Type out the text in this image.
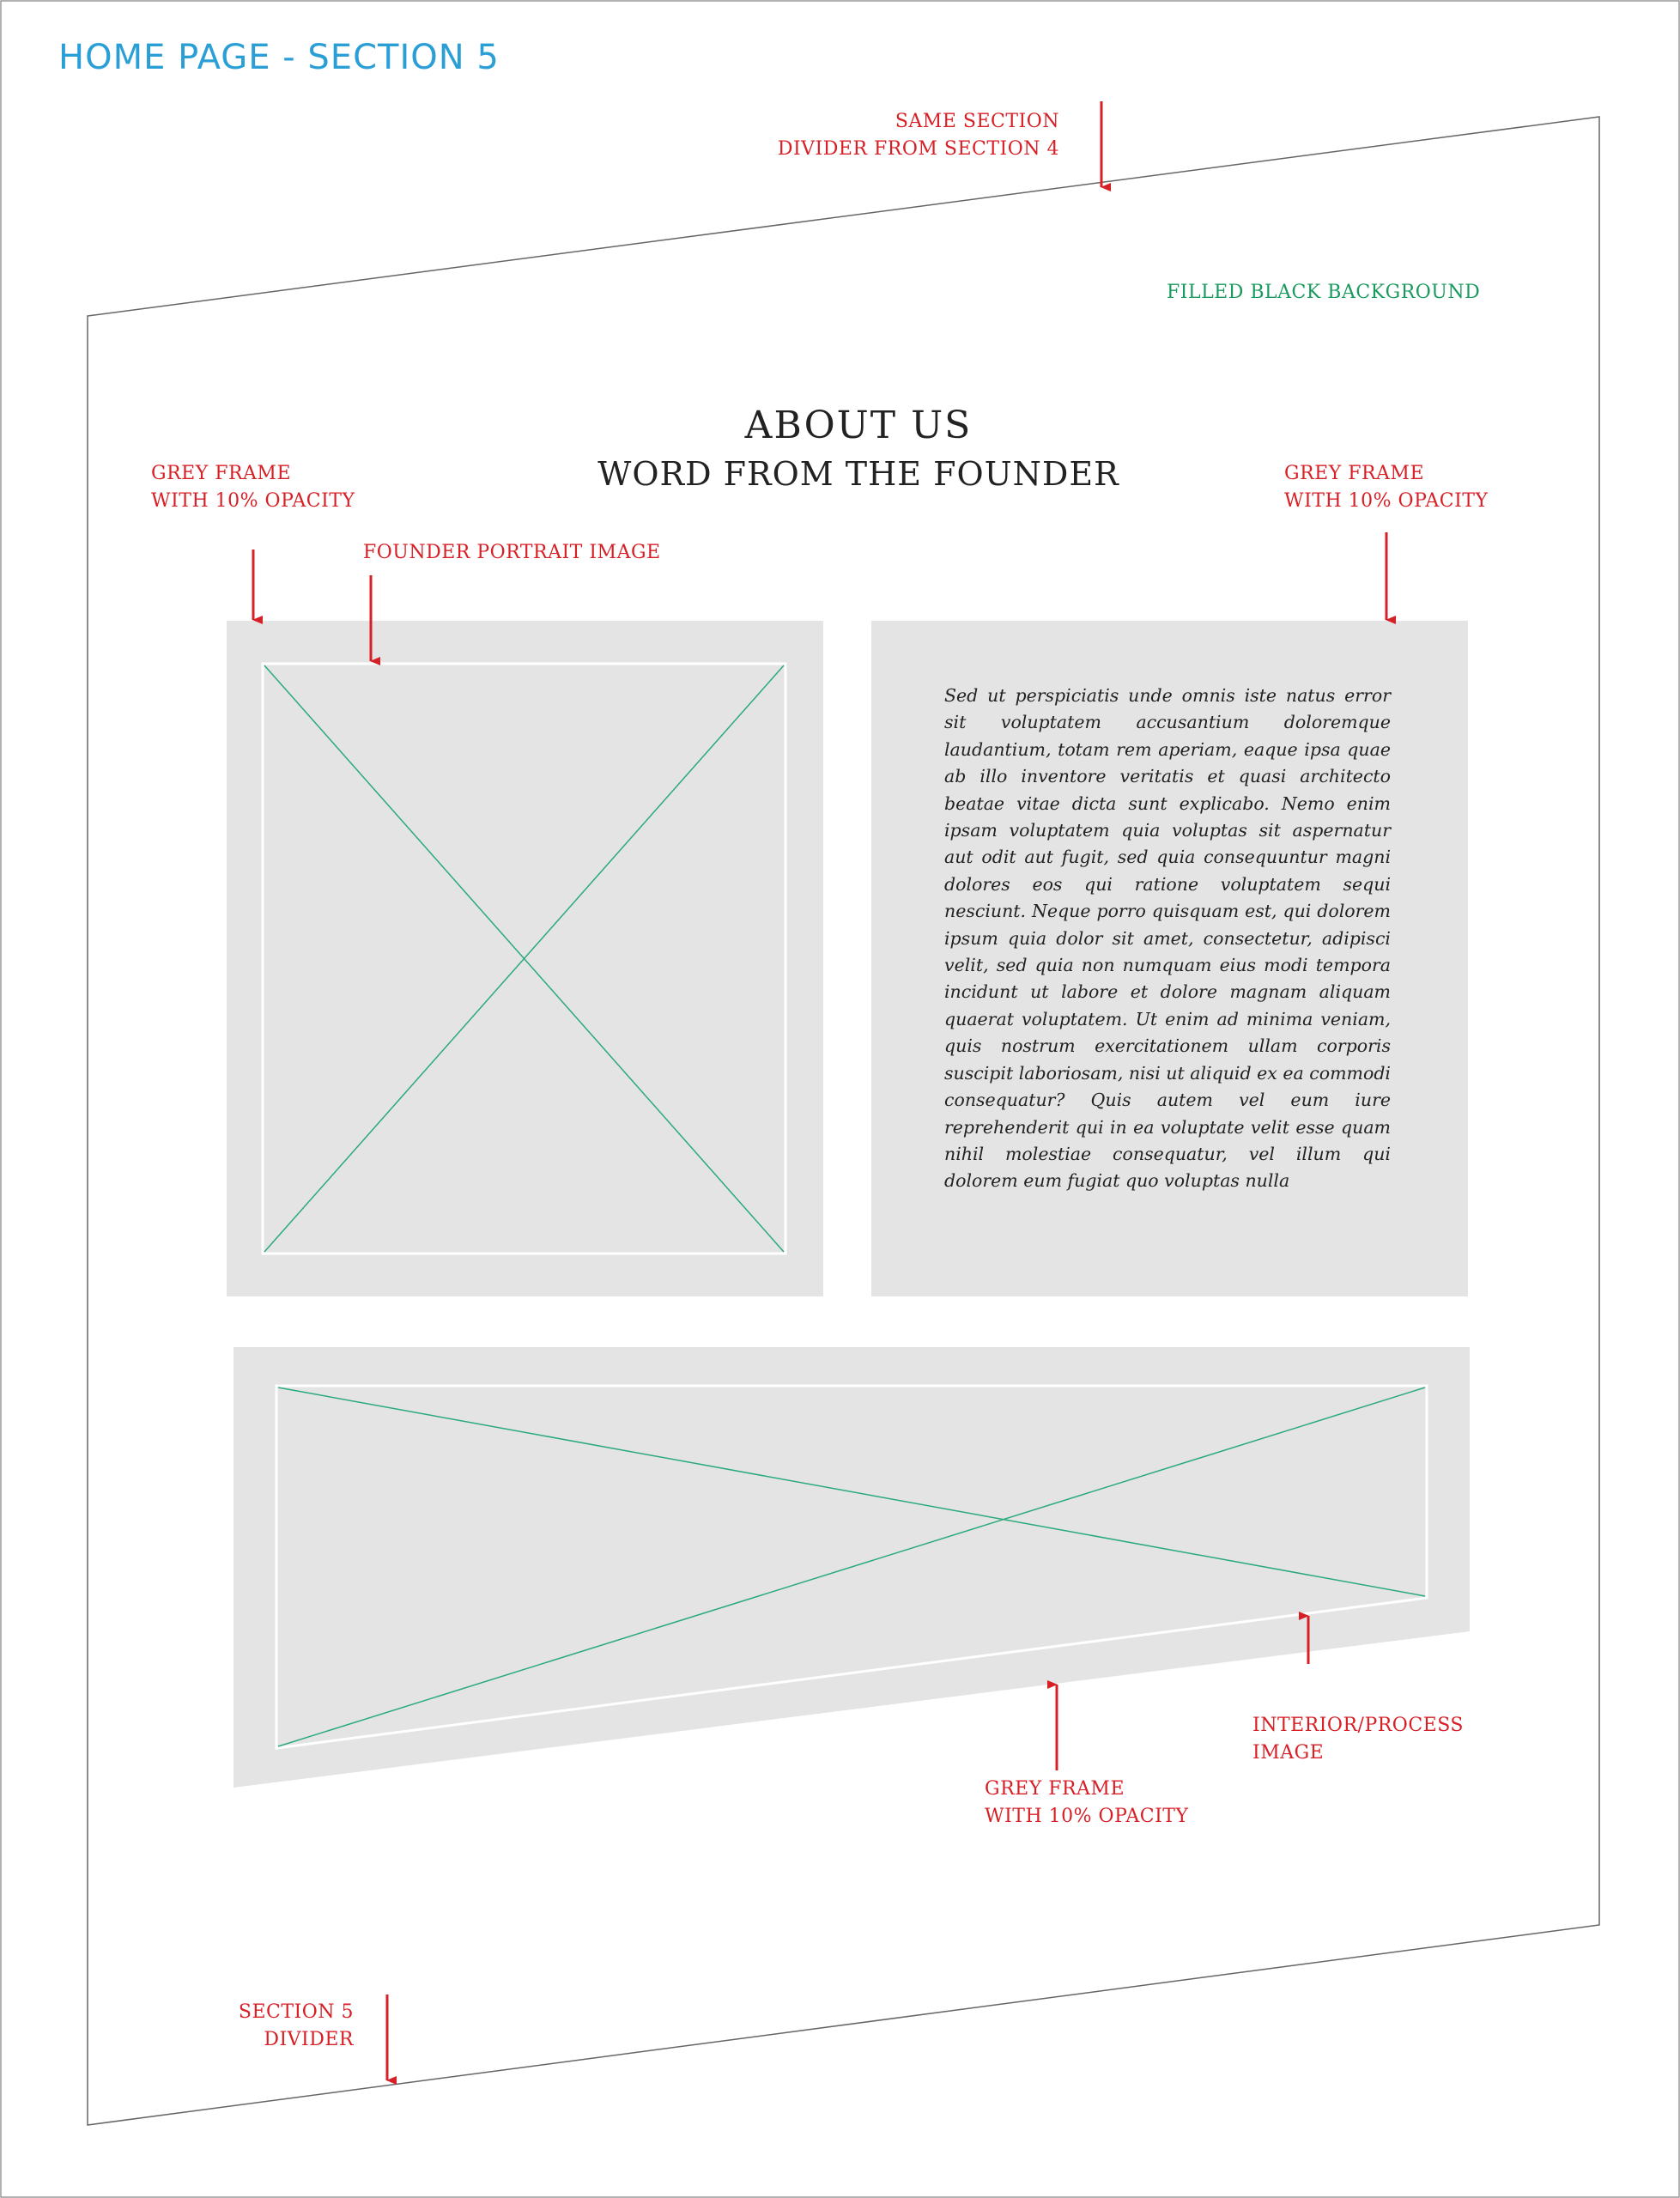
HOME PAGE - SECTION 5
SAME SECTION
DIVIDER FROM SECTION 4
FILLED BLACK BACKGROUND
ABOUT US
WORD FROM THE FOUNDER
GREY FRAME
WITH 10% OPACITY
FOUNDER PORTRAIT IMAGE
GREY FRAME
WITH 10% OPACITY
Sed ut perspiciatis unde omnis iste natus error sit voluptatem accusantium doloremque laudantium, totam rem aperiam, eaque ipsa quae ab illo inventore veritatis et quasi architecto beatae vitae dicta sunt explicabo. Nemo enim ipsam voluptatem quia voluptas sit aspernatur aut odit aut fugit, sed quia consequuntur magni dolores eos qui ratione voluptatem sequi nesciunt. Neque porro quisquam est, qui dolorem ipsum quia dolor sit amet, consectetur, adipisci velit, sed quia non numquam eius modi tempora incidunt ut labore et dolore magnam aliquam quaerat voluptatem. Ut enim ad minima veniam, quis nostrum exercitationem ullam corporis suscipit laboriosam, nisi ut aliquid ex ea commodi consequatur? Quis autem vel eum iure reprehenderit qui in ea voluptate velit esse quam nihil molestiae consequatur, vel illum qui dolorem eum fugiat quo voluptas nulla
INTERIOR/PROCESS
IMAGE
GREY FRAME
WITH 10% OPACITY
SECTION 5
DIVIDER
